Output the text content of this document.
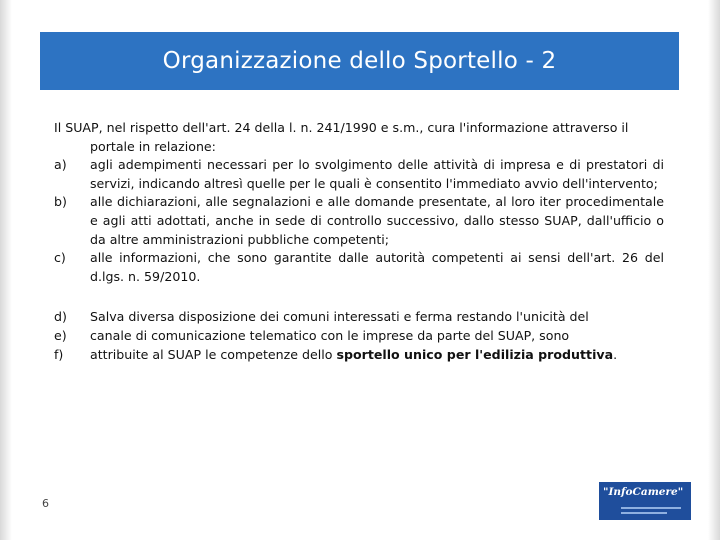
Organizzazione dello Sportello - 2
Il SUAP, nel rispetto dell'art. 24 della l. n. 241/1990 e s.m., cura l'informazione attraverso il
portale in relazione:
a)	agli adempimenti necessari per lo svolgimento delle attività di impresa e di prestatori di servizi, indicando altresì quelle per le quali è consentito l'immediato avvio dell'intervento;
b)	alle dichiarazioni, alle segnalazioni e alle domande presentate, al loro iter procedimentale e agli atti adottati, anche in sede di controllo successivo, dallo stesso SUAP, dall'ufficio o da altre amministrazioni pubbliche competenti;
c)	alle informazioni, che sono garantite dalle autorità competenti ai sensi dell'art. 26 del d.lgs. n. 59/2010.
d)	Salva diversa disposizione dei comuni interessati e ferma restando l'unicità del
e)	canale di comunicazione telematico con le imprese da parte del SUAP, sono
f)	attribuite al SUAP le competenze dello sportello unico per l'edilizia produttiva.
6
"InfoCamere"
